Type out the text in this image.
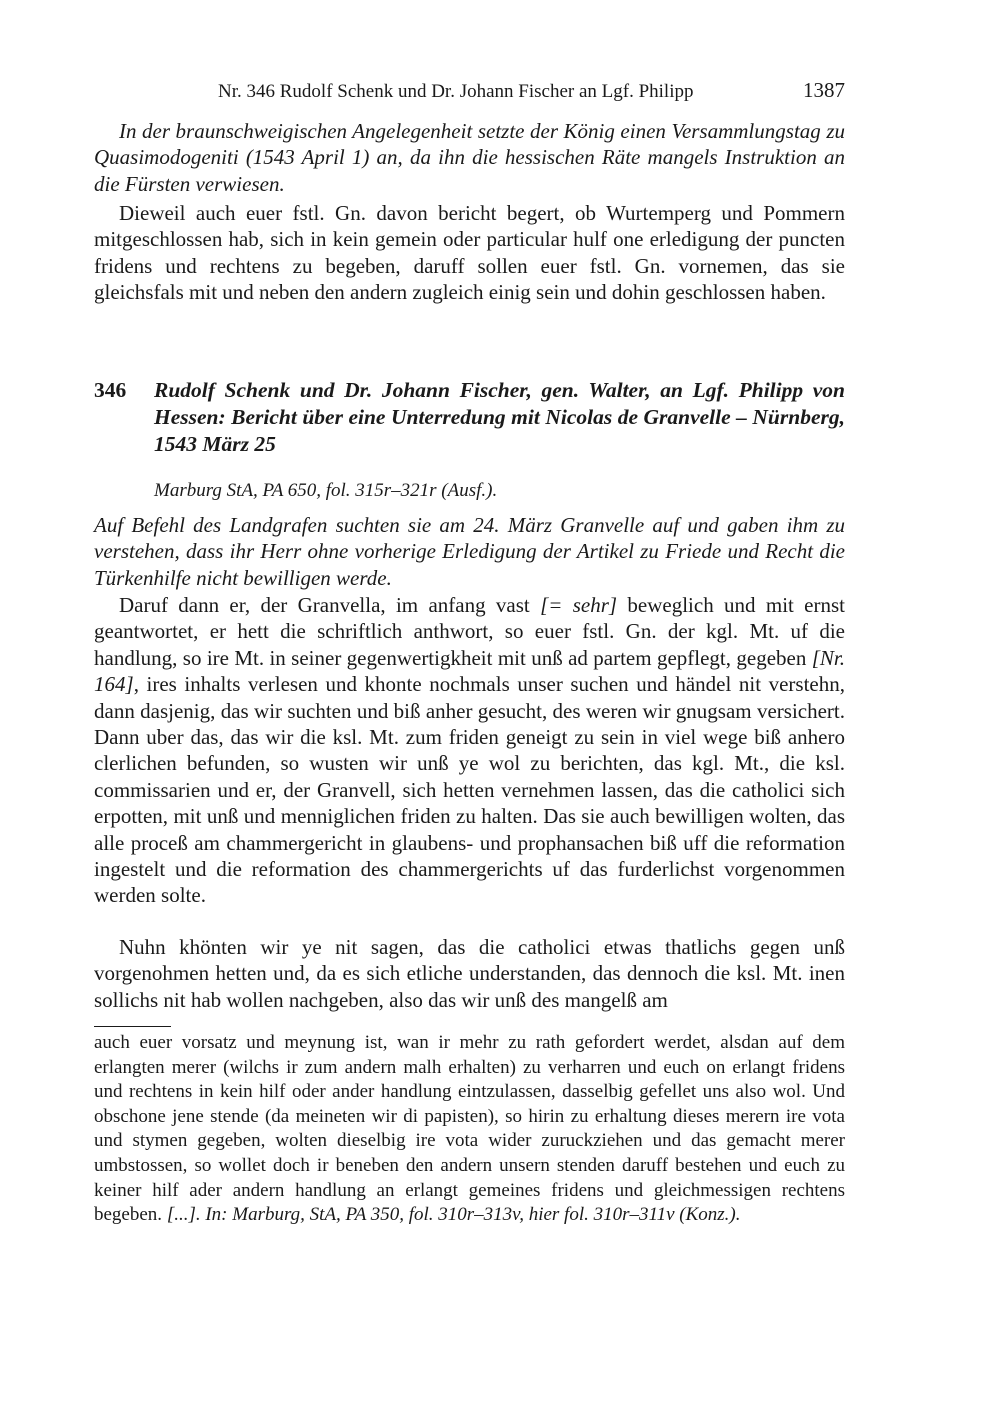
Nr. 346 Rudolf Schenk und Dr. Johann Fischer an Lgf. Philipp	1387

In der braunschweigischen Angelegenheit setzte der König einen Versammlungstag zu Quasimodogeniti (1543 April 1) an, da ihn die hessischen Räte mangels Instruktion an die Fürsten verwiesen.

Dieweil auch euer fstl. Gn. davon bericht begert, ob Wurtemperg und Pommern mitgeschlossen hab, sich in kein gemein oder particular hulf one erledigung der puncten fridens und rechtens zu begeben, daruff sollen euer fstl. Gn. vornemen, das sie gleichsfals mit und neben den andern zugleich einig sein und dohin geschlossen haben.

346 Rudolf Schenk und Dr. Johann Fischer, gen. Walter, an Lgf. Philipp von Hessen: Bericht über eine Unterredung mit Nicolas de Granvelle – Nürnberg, 1543 März 25
Marburg StA, PA 650, fol. 315r–321r (Ausf.).

Auf Befehl des Landgrafen suchten sie am 24. März Granvelle auf und gaben ihm zu verstehen, dass ihr Herr ohne vorherige Erledigung der Artikel zu Friede und Recht die Türkenhilfe nicht bewilligen werde.

Daruf dann er, der Granvella, im anfang vast [= sehr] beweglich und mit ernst geantwortet, er hett die schriftlich anthwort, so euer fstl. Gn. der kgl. Mt. uf die handlung, so ire Mt. in seiner gegenwertigkheit mit unß ad partem gepflegt, gegeben [Nr. 164], ires inhalts verlesen und khonte nochmals unser suchen und händel nit verstehn, dann dasjenig, das wir suchten und biß anher gesucht, des weren wir gnugsam versichert. Dann uber das, das wir die ksl. Mt. zum friden geneigt zu sein in viel wege biß anhero clerlichen befunden, so wusten wir unß ye wol zu berichten, das kgl. Mt., die ksl. commissarien und er, der Granvell, sich hetten vernehmen lassen, das die catholici sich erpotten, mit unß und menniglichen friden zu halten. Das sie auch bewilligen wolten, das alle proceß am chammergericht in glaubens- und prophansachen biß uff die reformation ingestelt und die reformation des chammergerichts uf das furderlichst vorgenommen werden solte.

Nuhn khönten wir ye nit sagen, das die catholici etwas thatlichs gegen unß vorgenohmen hetten und, da es sich etliche understanden, das dennoch die ksl. Mt. inen sollichs nit hab wollen nachgeben, also das wir unß des mangelß am

auch euer vorsatz und meynung ist, wan ir mehr zu rath gefordert werdet, alsdan auf dem erlangten merer (wilchs ir zum andern malh erhalten) zu verharren und euch on erlangt fridens und rechtens in kein hilf oder ander handlung eintzulassen, dasselbig gefellet uns also wol. Und obschone jene stende (da meineten wir di papisten), so hirin zu erhaltung dieses merern ire vota und stymen gegeben, wolten dieselbig ire vota wider zuruckziehen und das gemacht merer umbstossen, so wollet doch ir beneben den andern unsern stenden daruff bestehen und euch zu keiner hilf ader andern handlung an erlangt gemeines fridens und gleichmessigen rechtens begeben. [...]. In: Marburg, StA, PA 350, fol. 310r–313v, hier fol. 310r–311v (Konz.).
